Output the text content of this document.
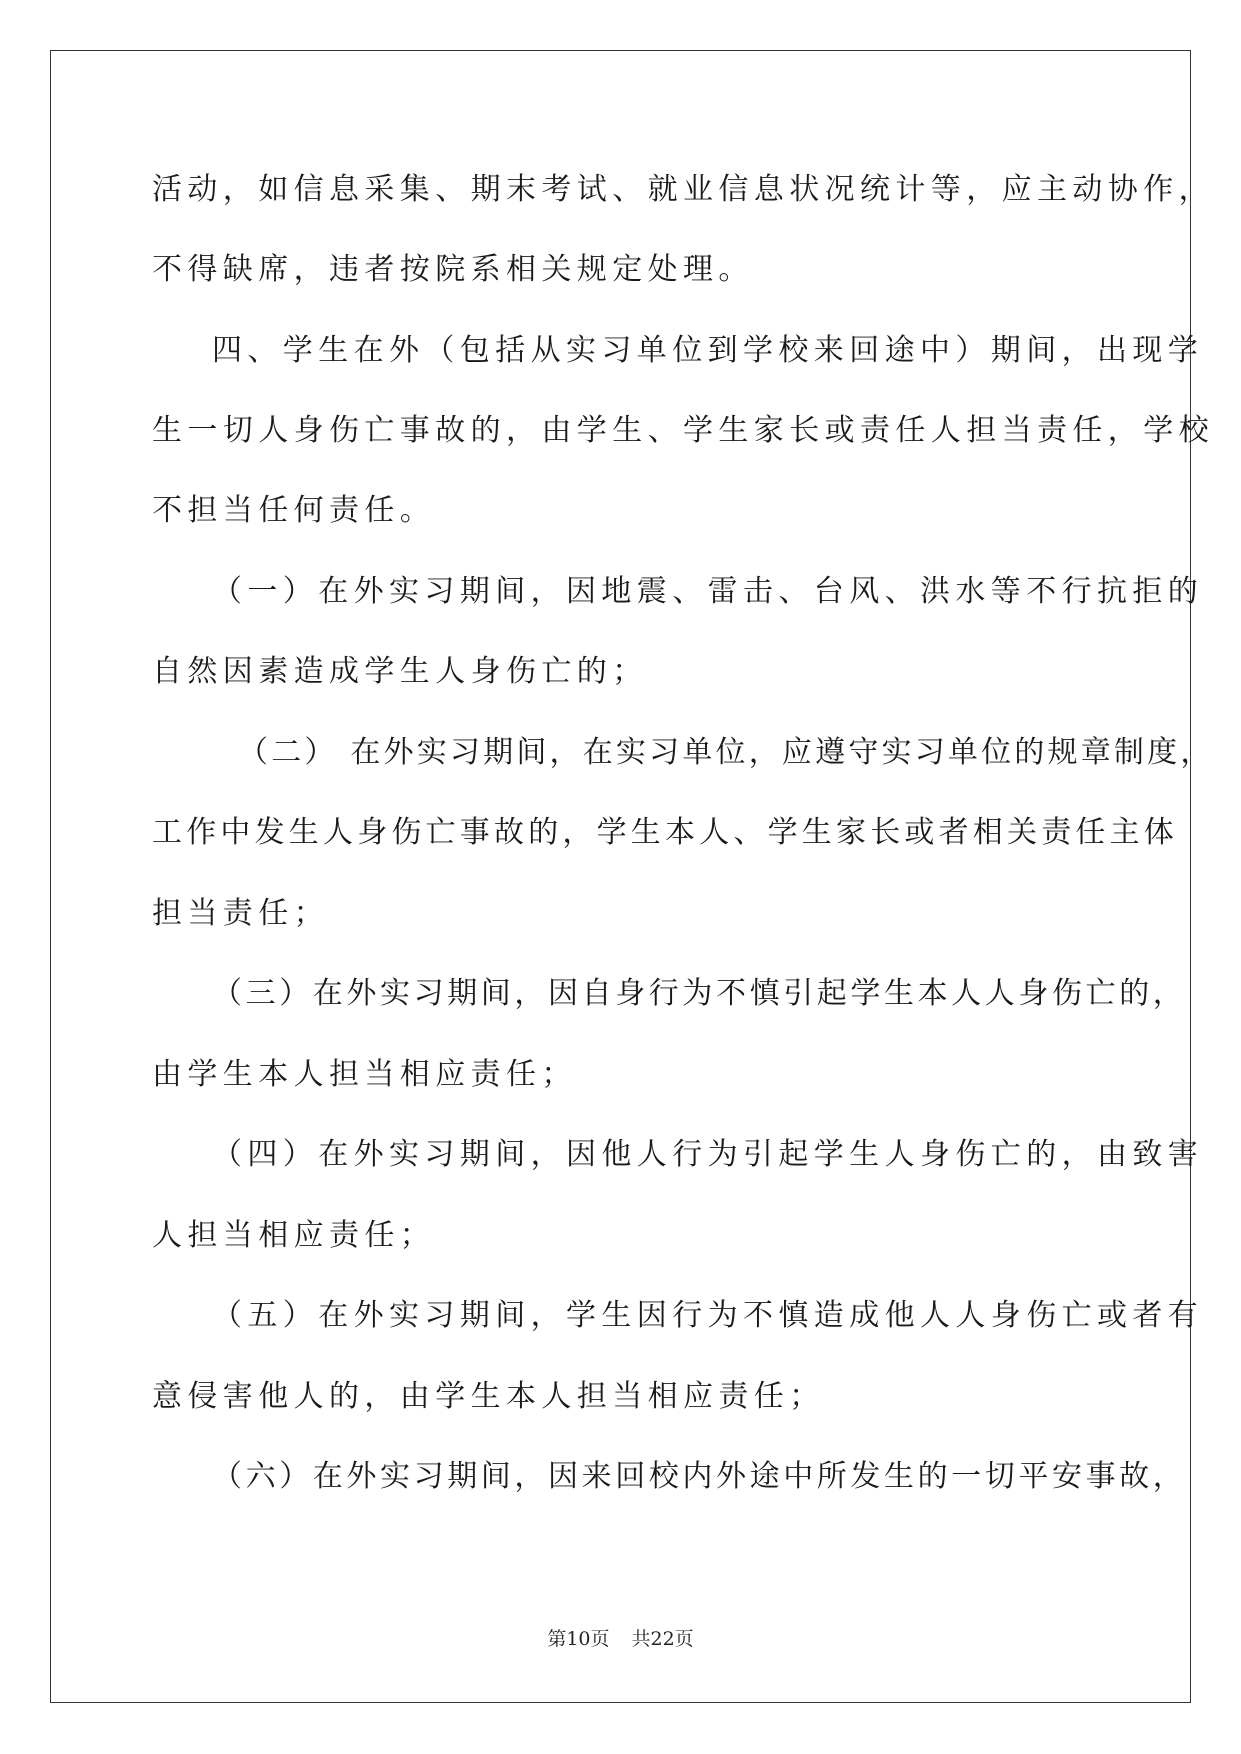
活动，如信息采集、期末考试、就业信息状况统计等，应主动协作，
不得缺席，违者按院系相关规定处理。
四、学生在外（包括从实习单位到学校来回途中）期间，出现学
生一切人身伤亡事故的，由学生、学生家长或责任人担当责任，学校
不担当任何责任。
（一）在外实习期间，因地震、雷击、台风、洪水等不行抗拒的
自然因素造成学生人身伤亡的；
（二） 在外实习期间，在实习单位，应遵守实习单位的规章制度，
工作中发生人身伤亡事故的，学生本人、学生家长或者相关责任主体
担当责任；
（三）在外实习期间，因自身行为不慎引起学生本人人身伤亡的，
由学生本人担当相应责任；
（四）在外实习期间，因他人行为引起学生人身伤亡的，由致害
人担当相应责任；
（五）在外实习期间，学生因行为不慎造成他人人身伤亡或者有
意侵害他人的，由学生本人担当相应责任；
（六）在外实习期间，因来回校内外途中所发生的一切平安事故，
第10页 共22页
